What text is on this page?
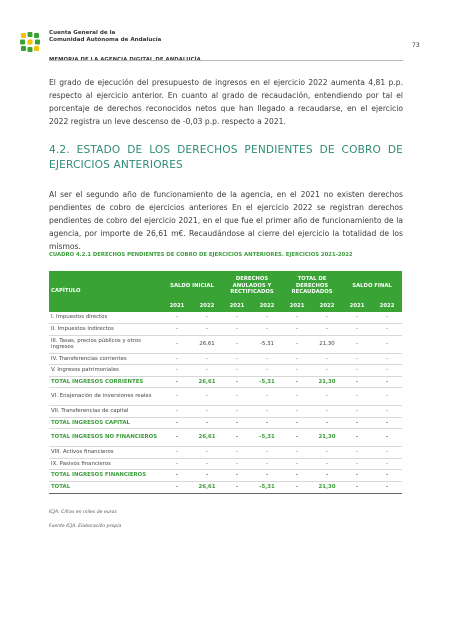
Cuenta General de la
Comunidad Autónoma de Andalucía
73
El grado de ejecución del presupuesto de ingresos en el ejercicio 2022 aumenta 4,81 p.p. respecto al ejercicio anterior. En cuanto al grado de recaudación, entendiendo por tal el porcentaje de derechos reconocidos netos que han llegado a recaudarse, en el ejercicio 2022 registra un leve descenso de -0,03 p.p. respecto a 2021.
4.2. ESTADO DE LOS DERECHOS PENDIENTES DE COBRO DE EJERCICIOS ANTERIORES
Al ser el segundo año de funcionamiento de la agencia, en el 2021 no existen derechos pendientes de cobro de ejercicios anteriores En el ejercicio 2022 se registran derechos pendientes de cobro del ejercicio 2021, en el que fue el primer año de funcionamiento de la agencia, por importe de 26,61 m€. Recaudándose al cierre del ejercicio la totalidad de los mismos.
CUADRO 4.2.1 DERECHOS PENDIENTES DE COBRO DE EJERCICIOS ANTERIORES. EJERCICIOS 2021-2022
CAPÍTULO	SALDO INICIAL		DERECHOS ANULADOS Y RECTIFICADOS		TOTAL DE DERECHOS RECAUDADOS		SALDO FINAL	
	2021	2022	2021	2022	2021	2022	2021	2022
I. Impuestos directos	-	-	-	-	-	-	-	-
II. Impuestos indirectos	-	-	-	-	-	-	-	-
III. Tasas, precios públicos y otros ingresos	-	26,61	-	-5,31	-	21,30	-	-
IV. Transferencias corrientes	-	-	-	-	-	-	-	-
V. Ingresos patrimoniales	-	-	-	-	-	-	-	-
TOTAL INGRESOS CORRIENTES	-	26,61	-	-5,31	-	21,30	-	-
VI. Enajenación de inversiones reales	-	-	-	-	-	-	-	-
VII. Transferencias de capital	-	-	-	-	-	-	-	-
TOTAL INGRESOS CAPITAL	-	-	-	-	-	-	-	-
TOTAL INGRESOS NO FINANCIEROS	-	26,61	-	-5,31	-	21,30	-	-
VIII. Activos financieros	-	-	-	-	-	-	-	-
IX. Pasivos financieros	-	-	-	-	-	-	-	-
TOTAL INGRESOS FINANCIEROS	-	-	-	-	-	-	-	-
TOTAL	-	26,61	-	-5,31	-	21,30	-	-
ICJA: Cifras en miles de euros
Fuente ICJA. Elaboración propia
